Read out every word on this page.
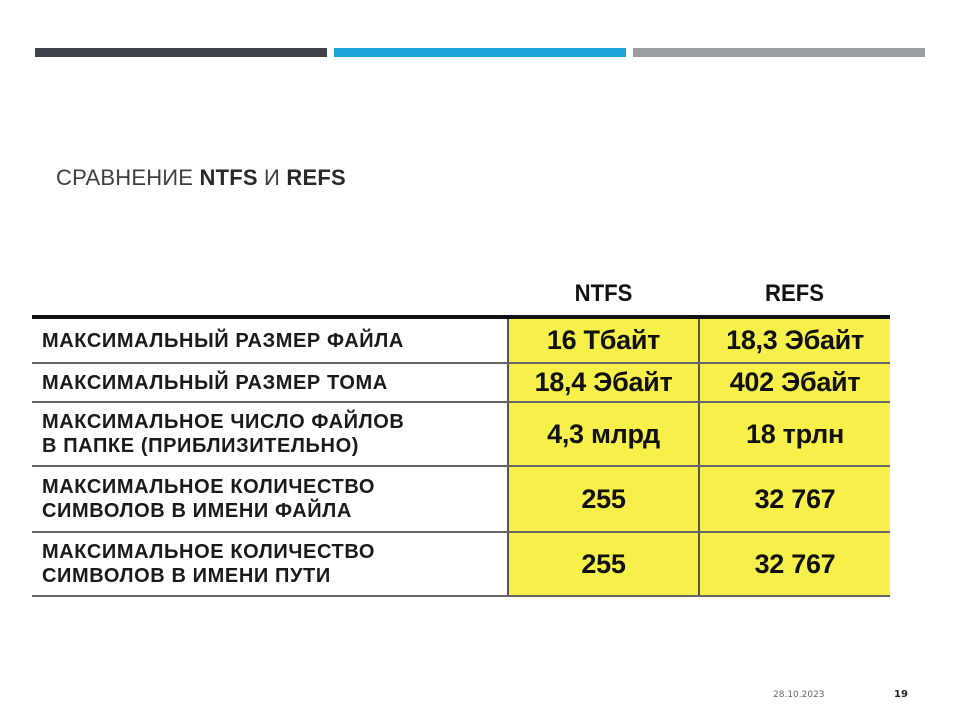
СРАВНЕНИЕ NTFS И REFS
	NTFS	REFS
МАКСИМАЛЬНЫЙ РАЗМЕР ФАЙЛА	16 Тбайт	18,3 Эбайт
МАКСИМАЛЬНЫЙ РАЗМЕР ТОМА	18,4 Эбайт	402 Эбайт
МАКСИМАЛЬНОЕ ЧИСЛО ФАЙЛОВ
В ПАПКЕ (ПРИБЛИЗИТЕЛЬНО)	4,3 млрд	18 трлн
МАКСИМАЛЬНОЕ КОЛИЧЕСТВО
СИМВОЛОВ В ИМЕНИ ФАЙЛА	255	32 767
МАКСИМАЛЬНОЕ КОЛИЧЕСТВО
СИМВОЛОВ В ИМЕНИ ПУТИ	255	32 767
28.10.2023	19
